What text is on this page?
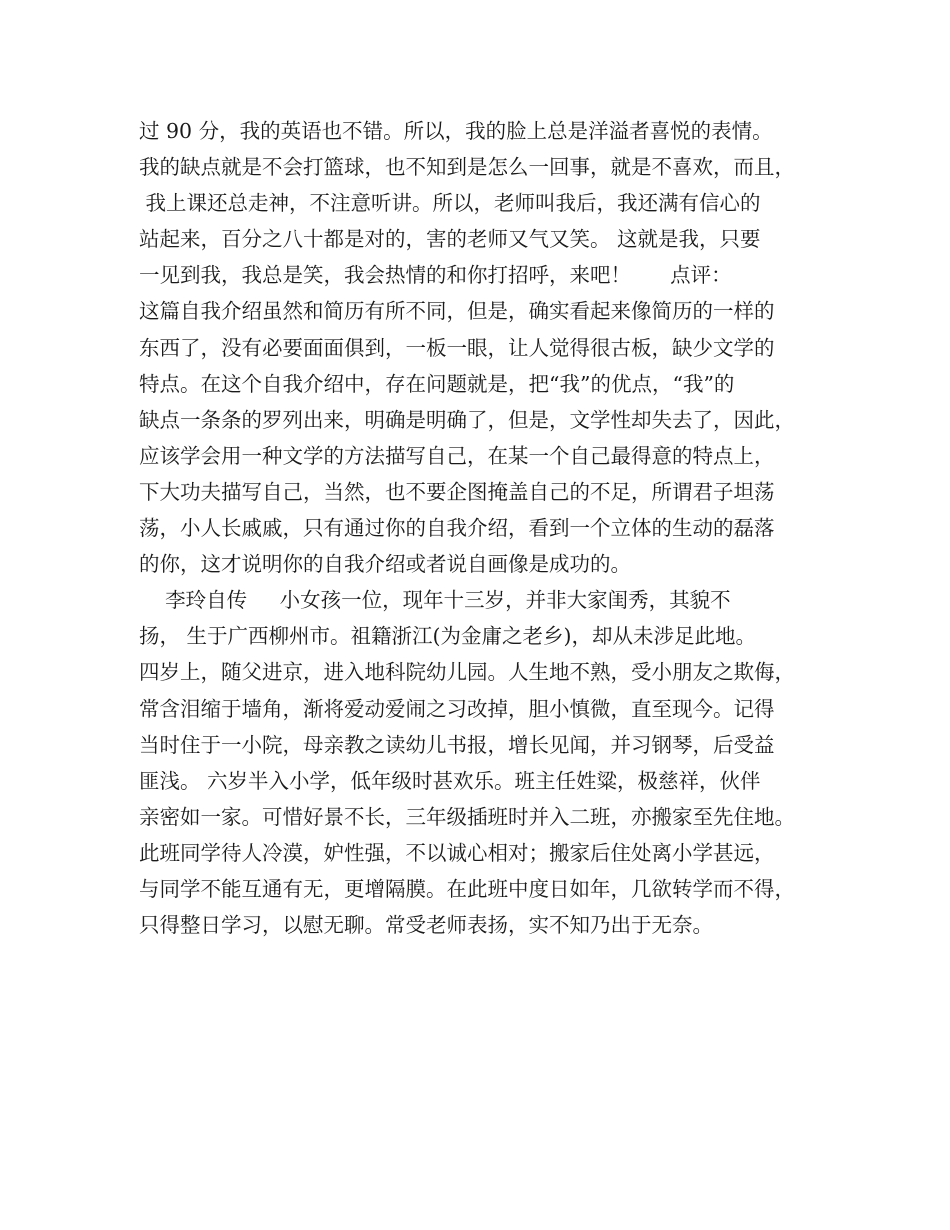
过 90 分，我的英语也不错。所以，我的脸上总是洋溢者喜悦的表情。
我的缺点就是不会打篮球，也不知到是怎么一回事，就是不喜欢，而且，
我上课还总走神，不注意听讲。所以，老师叫我后，我还满有信心的
站起来，百分之八十都是对的，害的老师又气又笑。 这就是我，只要
一见到我，我总是笑，我会热情的和你打招呼，来吧！      点评：
这篇自我介绍虽然和简历有所不同，但是，确实看起来像简历的一样的
东西了，没有必要面面俱到，一板一眼，让人觉得很古板，缺少文学的
特点。在这个自我介绍中，存在问题就是，把“我”的优点，“我”的
缺点一条条的罗列出来，明确是明确了，但是，文学性却失去了，因此，
应该学会用一种文学的方法描写自己，在某一个自己最得意的特点上，
下大功夫描写自己，当然，也不要企图掩盖自己的不足，所谓君子坦荡
荡，小人长戚戚，只有通过你的自我介绍，看到一个立体的生动的磊落
的你，这才说明你的自我介绍或者说自画像是成功的。
李玲自传     小女孩一位，现年十三岁，并非大家闺秀，其貌不
扬， 生于广西柳州市。祖籍浙江(为金庸之老乡)，却从未涉足此地。
四岁上，随父进京，进入地科院幼儿园。人生地不熟，受小朋友之欺侮，
常含泪缩于墙角，渐将爱动爱闹之习改掉，胆小慎微，直至现今。记得
当时住于一小院，母亲教之读幼儿书报，增长见闻，并习钢琴，后受益
匪浅。 六岁半入小学，低年级时甚欢乐。班主任姓粱，极慈祥，伙伴
亲密如一家。可惜好景不长，三年级插班时并入二班，亦搬家至先住地。
此班同学待人冷漠，妒性强，不以诚心相对；搬家后住处离小学甚远，
与同学不能互通有无，更增隔膜。在此班中度日如年，几欲转学而不得，
只得整日学习，以慰无聊。常受老师表扬，实不知乃出于无奈。
